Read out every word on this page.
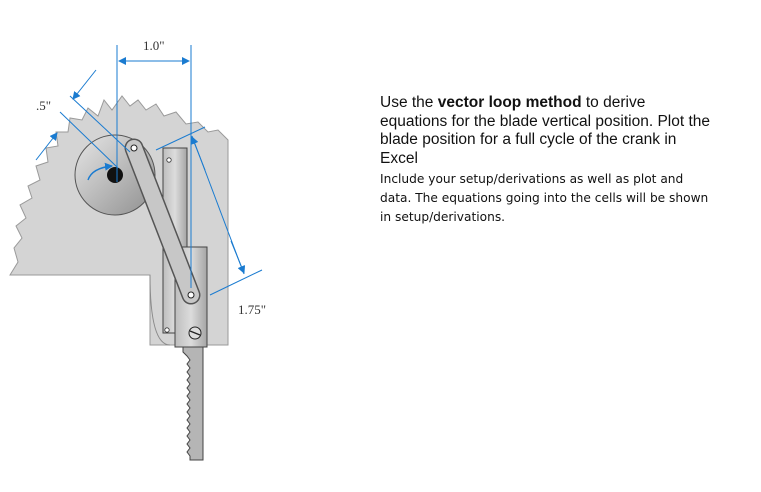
1.0"
.5"
1.75"

Use the vector loop method to derive equations for the blade vertical position. Plot the blade position for a full cycle of the crank in Excel

Include your setup/derivations as well as plot and data. The equations going into the cells will be shown in setup/derivations.
